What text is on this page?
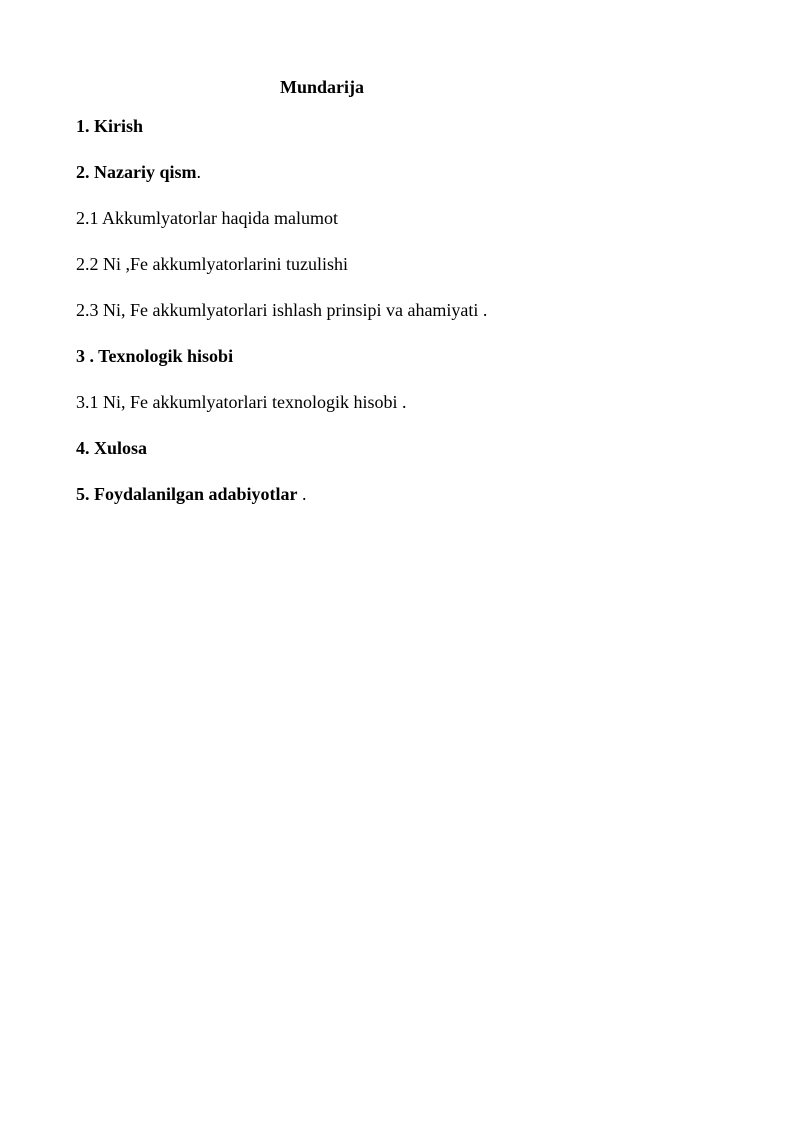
Mundarija
1. Kirish
2. Nazariy qism.
2.1 Akkumlyatorlar haqida malumot
2.2 Ni ,Fe akkumlyatorlarini tuzulishi
2.3 Ni, Fe akkumlyatorlari ishlash prinsipi va ahamiyati .
3 . Texnologik hisobi
3.1 Ni, Fe akkumlyatorlari texnologik hisobi .
4. Xulosa
5. Foydalanilgan adabiyotlar .
